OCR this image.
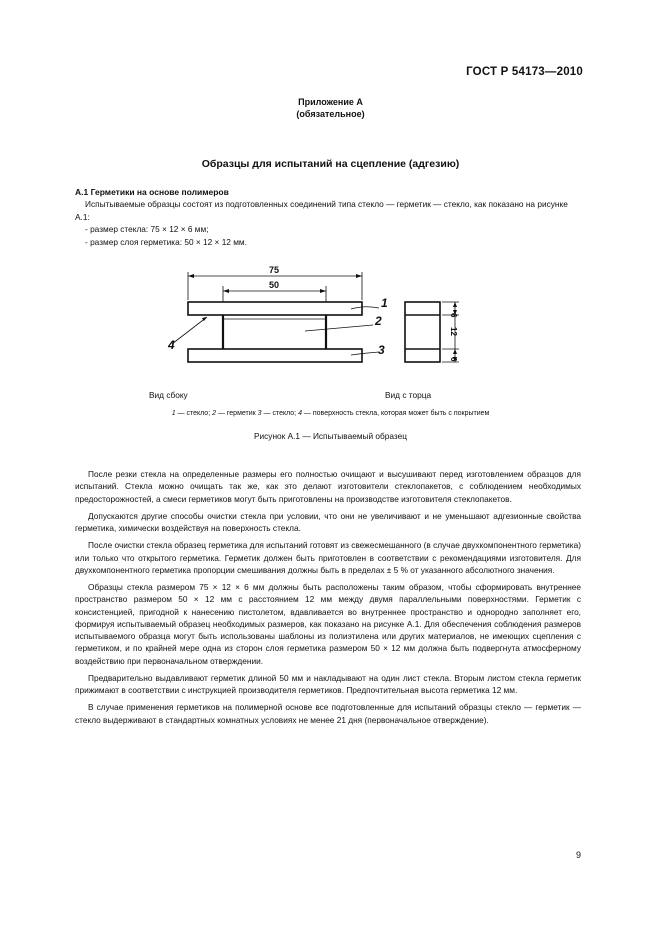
ГОСТ Р 54173—2010
Приложение А
(обязательное)
Образцы для испытаний на сцепление (адгезию)
А.1 Герметики на основе полимеров

Испытываемые образцы состоят из подготовленных соединений типа стекло — герметик — стекло, как показано на рисунке А.1:

- размер стекла: 75 × 12 × 6 мм;

- размер слоя герметика: 50 × 12 × 12 мм.

75
50
1
2
3
4
6
12
6
Вид сбоку	Вид с торца
1 — стекло; 2 — герметик 3 — стекло; 4 — поверхность стекла, которая может быть с покрытием
Рисунок А.1 — Испытываемый образец

После резки стекла на определенные размеры его полностью очищают и высушивают перед изготовлением образцов для испытаний. Стекла можно очищать так же, как это делают изготовители стеклопакетов, с соблюдением необходимых предосторожностей, а смеси герметиков могут быть приготовлены на производстве изготовителя стеклопакетов.

Допускаются другие способы очистки стекла при условии, что они не увеличивают и не уменьшают адгезионные свойства герметика, химически воздействуя на поверхность стекла.

После очистки стекла образец герметика для испытаний готовят из свежесмешанного (в случае двухкомпонентного герметика) или только что открытого герметика. Герметик должен быть приготовлен в соответствии с рекомендациями изготовителя. Для двухкомпонентного герметика пропорции смешивания должны быть в пределах ± 5 % от указанного абсолютного значения.

Образцы стекла размером 75 × 12 × 6 мм должны быть расположены таким образом, чтобы сформировать внутреннее пространство размером 50 × 12 мм с расстоянием 12 мм между двумя параллельными поверхностями. Герметик с консистенцией, пригодной к нанесению пистолетом, вдавливается во внутреннее пространство и однородно заполняет его, формируя испытываемый образец необходимых размеров, как показано на рисунке А.1. Для обеспечения соблюдения размеров испытываемого образца могут быть использованы шаблоны из полиэтилена или других материалов, не имеющих сцепления с герметиком, и по крайней мере одна из сторон слоя герметика размером 50 × 12 мм должна быть подвергнута атмосферному воздействию при первоначальном отверждении.

Предварительно выдавливают герметик длиной 50 мм и накладывают на один лист стекла. Вторым листом стекла герметик прижимают в соответствии с инструкцией производителя герметиков. Предпочтительная высота герметика 12 мм.

В случае применения герметиков на полимерной основе все подготовленные для испытаний образцы стекло — герметик — стекло выдерживают в стандартных комнатных условиях не менее 21 дня (первоначальное отверждение).

9
